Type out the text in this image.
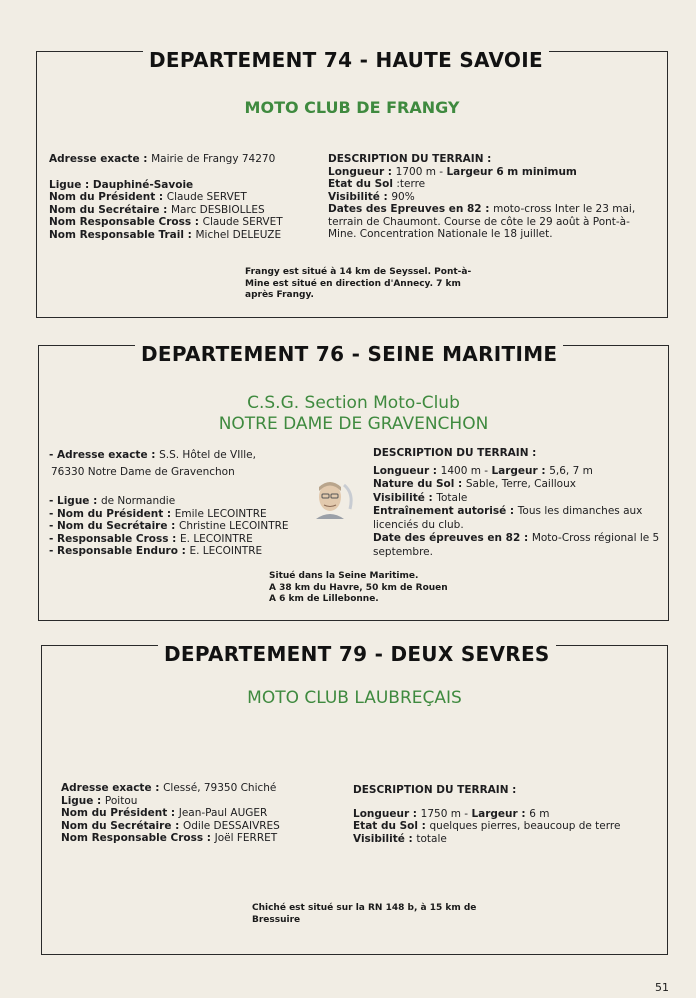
DEPARTEMENT 74 - HAUTE SAVOIE
MOTO CLUB DE FRANGY
Adresse exacte : Mairie de Frangy 74270
Ligue : Dauphiné-Savoie
Nom du Président : Claude SERVET
Nom du Secrétaire : Marc DESBIOLLES
Nom Responsable Cross : Claude SERVET
Nom Responsable Trail : Michel DELEUZE
DESCRIPTION DU TERRAIN :
Longueur : 1700 m - Largeur 6 m minimum
Etat du Sol :terre
Visibilité : 90%
Dates des Epreuves en 82 : moto-cross Inter le 23 mai, terrain de Chaumont. Course de côte le 29 août à Pont-à-Mine. Concentration Nationale le 18 juillet.
Frangy est situé à 14 km de Seyssel. Pont-à-
Mine est situé en direction d'Annecy. 7 km
après Frangy.
DEPARTEMENT 76 - SEINE MARITIME
C.S.G. Section Moto-Club
NOTRE DAME DE GRAVENCHON
- Adresse exacte : S.S. Hôtel de VIlle,
76330 Notre Dame de Gravenchon
- Ligue : de Normandie
- Nom du Président : Emile LECOINTRE
- Nom du Secrétaire : Christine LECOINTRE
- Responsable Cross : E. LECOINTRE
- Responsable Enduro : E. LECOINTRE
DESCRIPTION DU TERRAIN :
Longueur : 1400 m - Largeur : 5,6, 7 m
Nature du Sol : Sable, Terre, Cailloux
Visibilité : Totale
Entraînement autorisé : Tous les dimanches aux licenciés du club.
Date des épreuves en 82 : Moto-Cross régional le 5 septembre.
Situé dans la Seine Maritime.
A 38 km du Havre, 50 km de Rouen
A 6 km de Lillebonne.
DEPARTEMENT 79 - DEUX SEVRES
MOTO CLUB LAUBREÇAIS
Adresse exacte : Clessé, 79350 Chiché
Ligue : Poitou
Nom du Président : Jean-Paul AUGER
Nom du Secrétaire : Odile DESSAIVRES
Nom Responsable Cross : Joël FERRET
DESCRIPTION DU TERRAIN :
Longueur : 1750 m - Largeur : 6 m
Etat du Sol : quelques pierres, beaucoup de terre
Visibilité : totale
Chiché est situé sur la RN 148 b, à 15 km de
Bressuire
51
